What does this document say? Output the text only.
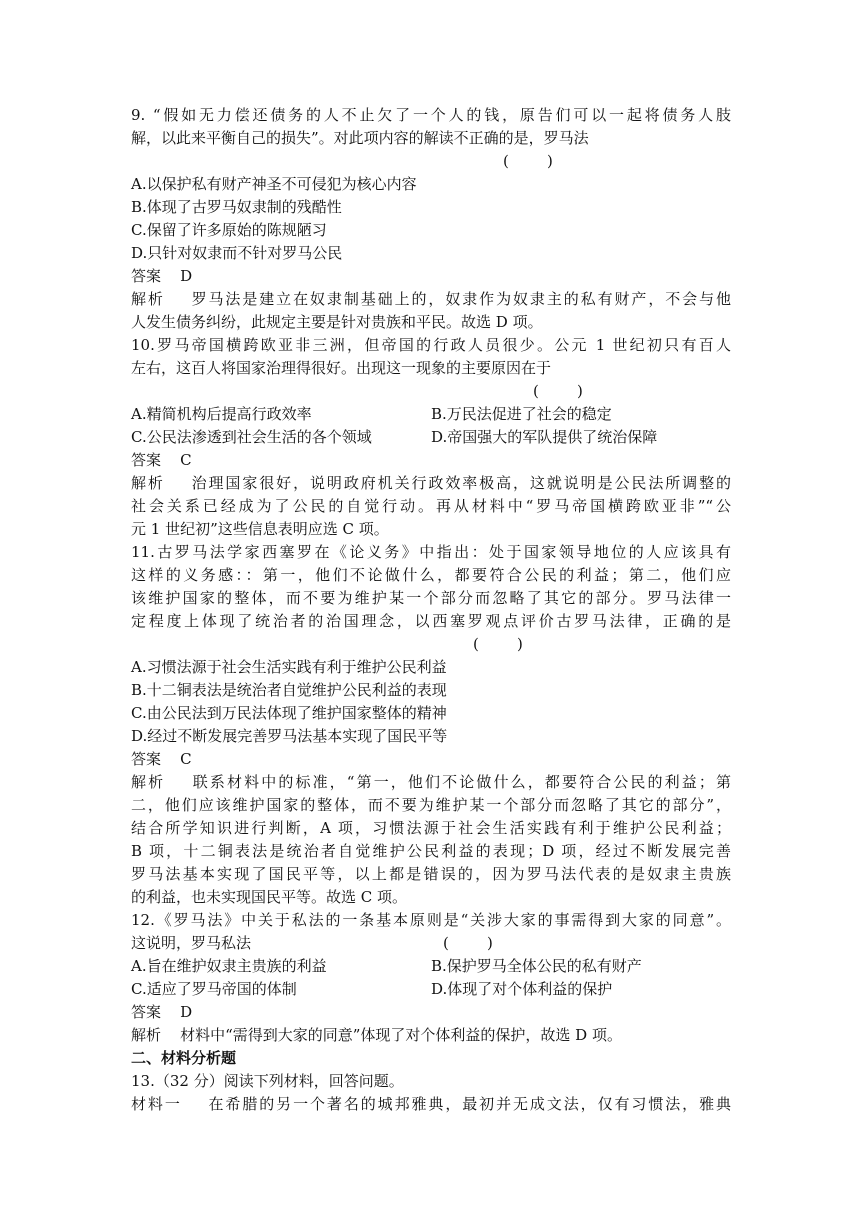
9. “假如无力偿还债务的人不止欠了一个人的钱，原告们可以一起将债务人肢
解，以此来平衡自己的损失”。对此项内容的解读不正确的是，罗马法
(        )
A.以保护私有财产神圣不可侵犯为核心内容
B.体现了古罗马奴隶制的残酷性
C.保留了许多原始的陈规陋习
D.只针对奴隶而不针对罗马公民
答案    D
解析    罗马法是建立在奴隶制基础上的，奴隶作为奴隶主的私有财产，不会与他
人发生债务纠纷，此规定主要是针对贵族和平民。故选 D 项。
10.罗马帝国横跨欧亚非三洲，但帝国的行政人员很少。公元 1 世纪初只有百人
左右，这百人将国家治理得很好。出现这一现象的主要原因在于
(        )
A.精简机构后提高行政效率	B.万民法促进了社会的稳定
C.公民法渗透到社会生活的各个领域	D.帝国强大的军队提供了统治保障
答案    C
解析    治理国家很好，说明政府机关行政效率极高，这就说明是公民法所调整的
社会关系已经成为了公民的自觉行动。再从材料中“罗马帝国横跨欧亚非”“公
元 1 世纪初”这些信息表明应选 C 项。
11.古罗马法学家西塞罗在《论义务》中指出：处于国家领导地位的人应该具有
这样的义务感：：第一，他们不论做什么，都要符合公民的利益；第二，他们应
该维护国家的整体，而不要为维护某一个部分而忽略了其它的部分。罗马法律一
定程度上体现了统治者的治国理念，以西塞罗观点评价古罗马法律，正确的是
(        )
A.习惯法源于社会生活实践有利于维护公民利益
B.十二铜表法是统治者自觉维护公民利益的表现
C.由公民法到万民法体现了维护国家整体的精神
D.经过不断发展完善罗马法基本实现了国民平等
答案    C
解析    联系材料中的标准，“第一，他们不论做什么，都要符合公民的利益；第
二，他们应该维护国家的整体，而不要为维护某一个部分而忽略了其它的部分”，
结合所学知识进行判断，A 项，习惯法源于社会生活实践有利于维护公民利益；
B 项，十二铜表法是统治者自觉维护公民利益的表现；D 项，经过不断发展完善
罗马法基本实现了国民平等，以上都是错误的，因为罗马法代表的是奴隶主贵族
的利益，也未实现国民平等。故选 C 项。
12.《罗马法》中关于私法的一条基本原则是“关涉大家的事需得到大家的同意”。
这说明，罗马私法	(        )
A.旨在维护奴隶主贵族的利益	B.保护罗马全体公民的私有财产
C.适应了罗马帝国的体制	D.体现了对个体利益的保护
答案    D
解析    材料中“需得到大家的同意”体现了对个体利益的保护，故选 D 项。
二、材料分析题
13.（32 分）阅读下列材料，回答问题。
材料一    在希腊的另一个著名的城邦雅典，最初并无成文法，仅有习惯法，雅典
